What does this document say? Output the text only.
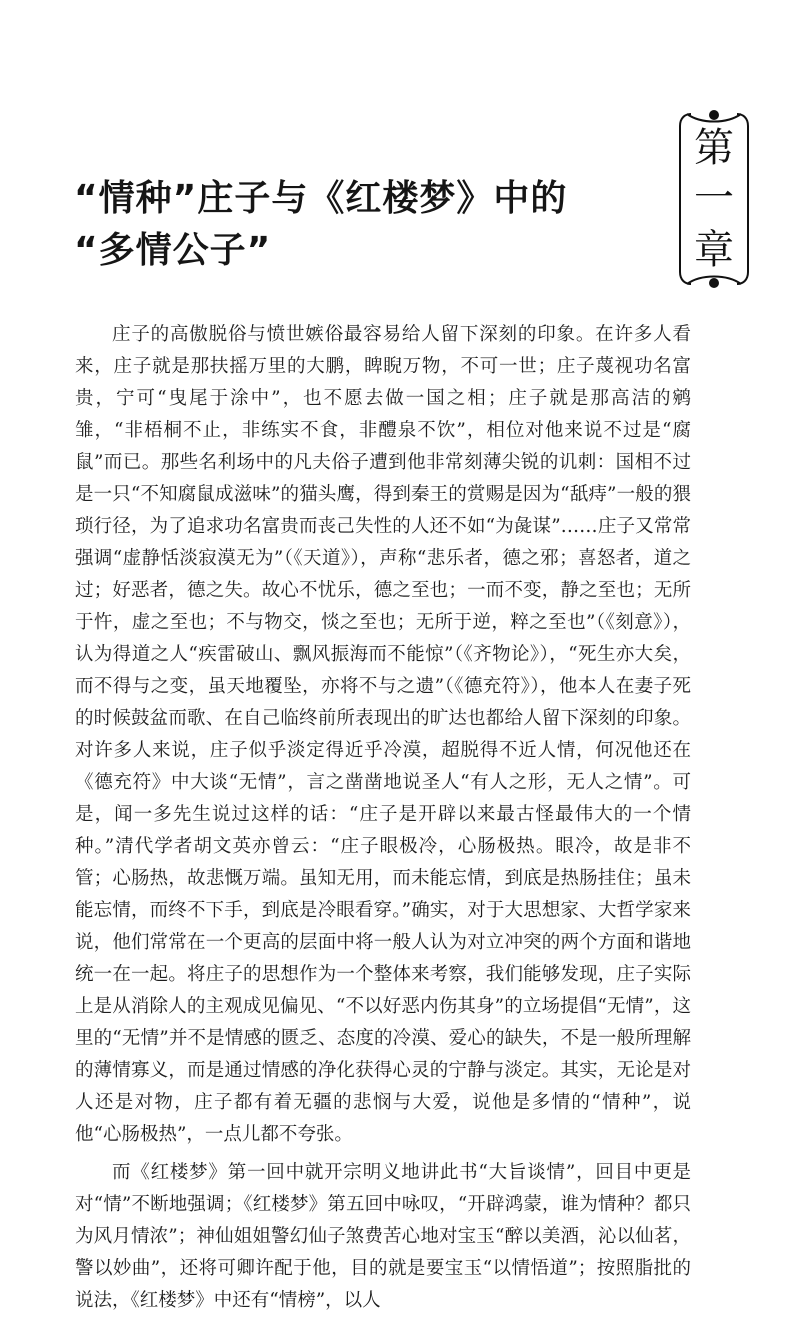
“情种”庄子与《红楼梦》中的
“多情公子”
第
一
章

庄子的高傲脱俗与愤世嫉俗最容易给人留下深刻的印象。在许多人看来，庄子就是那扶摇万里的大鹏，睥睨万物，不可一世；庄子蔑视功名富贵，宁可“曳尾于涂中”，也不愿去做一国之相；庄子就是那高洁的鹓雏，“非梧桐不止，非练实不食，非醴泉不饮”，相位对他来说不过是“腐鼠”而已。那些名利场中的凡夫俗子遭到他非常刻薄尖锐的讥刺：国相不过是一只“不知腐鼠成滋味”的猫头鹰，得到秦王的赏赐是因为“舐痔”一般的猥琐行径，为了追求功名富贵而丧己失性的人还不如“为彘谋”……庄子又常常强调“虚静恬淡寂漠无为”（《天道》），声称“悲乐者，德之邪；喜怒者，道之过；好恶者，德之失。故心不忧乐，德之至也；一而不变，静之至也；无所于忤，虚之至也；不与物交，惔之至也；无所于逆，粹之至也”（《刻意》），认为得道之人“疾雷破山、飘风振海而不能惊”（《齐物论》），“死生亦大矣，而不得与之变，虽天地覆坠，亦将不与之遗”（《德充符》），他本人在妻子死的时候鼓盆而歌、在自己临终前所表现出的旷达也都给人留下深刻的印象。对许多人来说，庄子似乎淡定得近乎冷漠，超脱得不近人情，何况他还在《德充符》中大谈“无情”，言之凿凿地说圣人“有人之形，无人之情”。可是，闻一多先生说过这样的话：“庄子是开辟以来最古怪最伟大的一个情种。”清代学者胡文英亦曾云：“庄子眼极冷，心肠极热。眼冷，故是非不管；心肠热，故悲慨万端。虽知无用，而未能忘情，到底是热肠挂住；虽未能忘情，而终不下手，到底是冷眼看穿。”确实，对于大思想家、大哲学家来说，他们常常在一个更高的层面中将一般人认为对立冲突的两个方面和谐地统一在一起。将庄子的思想作为一个整体来考察，我们能够发现，庄子实际上是从消除人的主观成见偏见、“不以好恶内伤其身”的立场提倡“无情”，这里的“无情”并不是情感的匮乏、态度的冷漠、爱心的缺失，不是一般所理解的薄情寡义，而是通过情感的净化获得心灵的宁静与淡定。其实，无论是对人还是对物，庄子都有着无疆的悲悯与大爱，说他是多情的“情种”，说他“心肠极热”，一点儿都不夸张。

而《红楼梦》第一回中就开宗明义地讲此书“大旨谈情”，回目中更是对“情”不断地强调；《红楼梦》第五回中咏叹，“开辟鸿蒙，谁为情种？都只为风月情浓”；神仙姐姐警幻仙子煞费苦心地对宝玉“醉以美酒，沁以仙茗，警以妙曲”，还将可卿许配于他，目的就是要宝玉“以情悟道”；按照脂批的说法，《红楼梦》中还有“情榜”，以人
